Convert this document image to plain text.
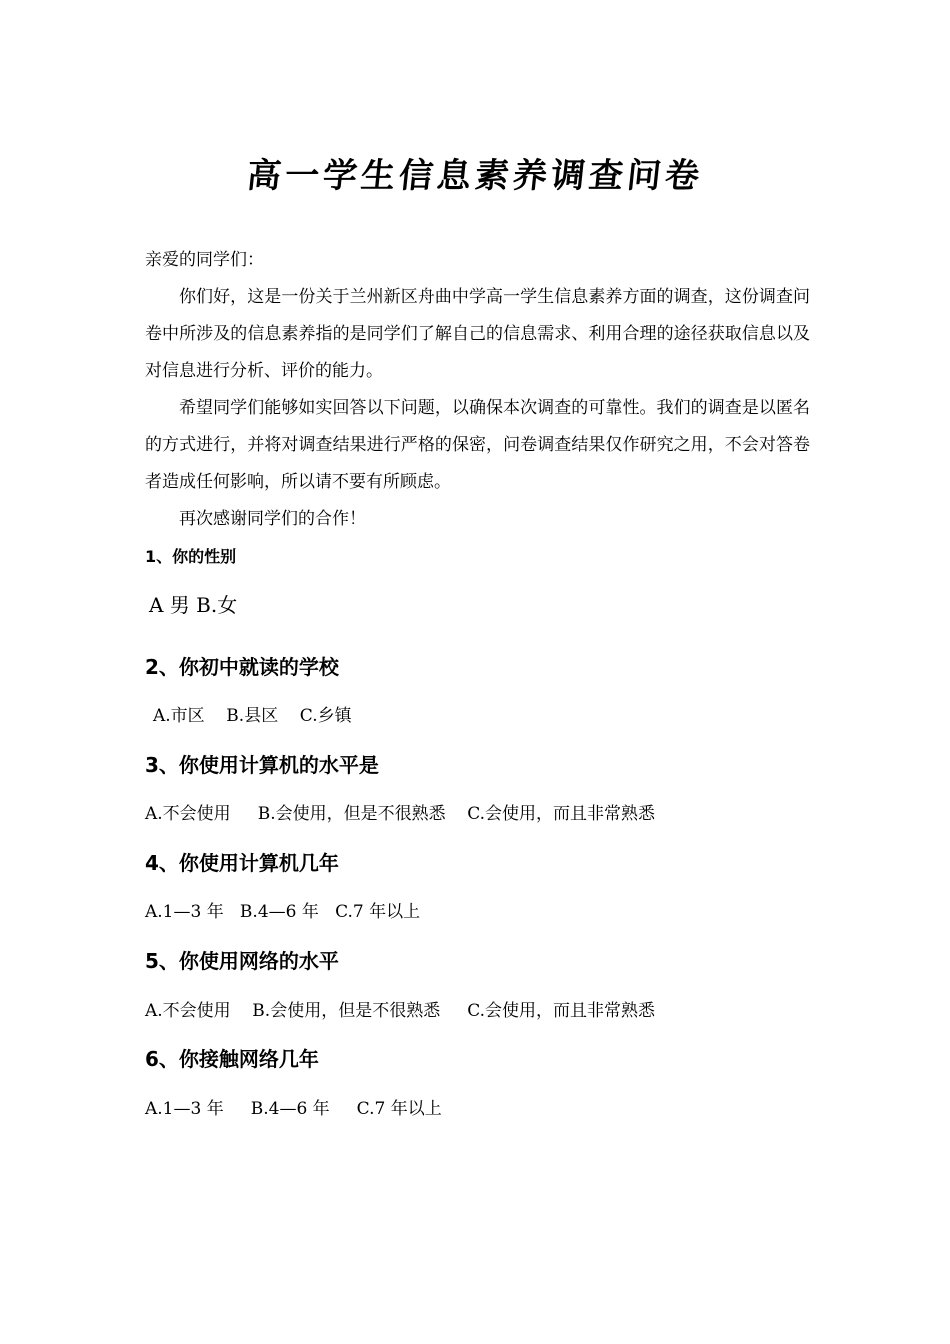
高一学生信息素养调查问卷
亲爱的同学们：
你们好，这是一份关于兰州新区舟曲中学高一学生信息素养方面的调查，这份调查问卷中所涉及的信息素养指的是同学们了解自己的信息需求、利用合理的途径获取信息以及对信息进行分析、评价的能力。
希望同学们能够如实回答以下问题，以确保本次调查的可靠性。我们的调查是以匿名的方式进行，并将对调查结果进行严格的保密，问卷调查结果仅作研究之用，不会对答卷者造成任何影响，所以请不要有所顾虑。
再次感谢同学们的合作！
1、你的性别
A 男 B.女
2、你初中就读的学校
A.市区    B.县区    C.乡镇
3、你使用计算机的水平是
A.不会使用     B.会使用，但是不很熟悉    C.会使用，而且非常熟悉
4、你使用计算机几年
A.1—3 年   B.4—6 年   C.7 年以上
5、你使用网络的水平
A.不会使用    B.会使用，但是不很熟悉     C.会使用，而且非常熟悉
6、你接触网络几年
A.1—3 年     B.4—6 年     C.7 年以上
